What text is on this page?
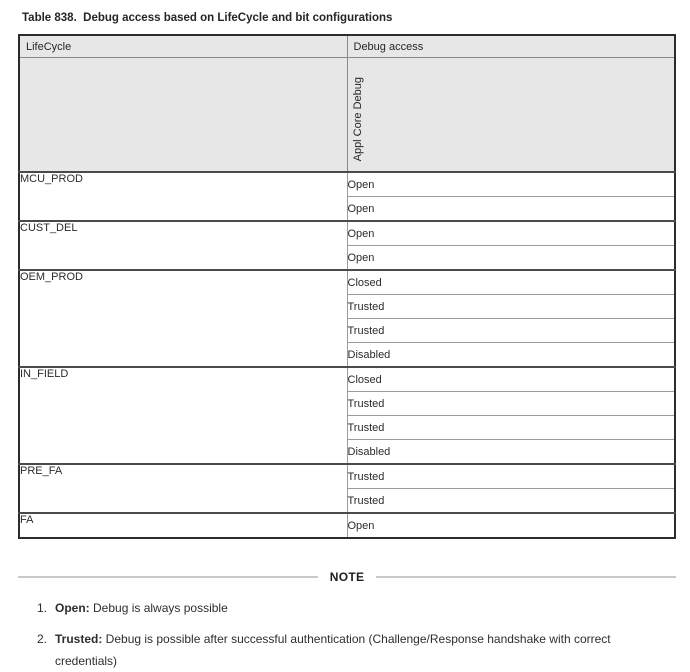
Table 838.  Debug access based on LifeCycle and bit configurations
LifeCycle	Debug access
	Appl Core Debug
MCU_PROD	Open
	Open
CUST_DEL	Open
	Open
OEM_PROD	Closed
	Trusted
	Trusted
	Disabled
IN_FIELD	Closed
	Trusted
	Trusted
	Disabled
PRE_FA	Trusted
	Trusted
FA	Open
NOTE
1. Open: Debug is always possible
2. Trusted: Debug is possible after successful authentication (Challenge/Response handshake with correct credentials)
